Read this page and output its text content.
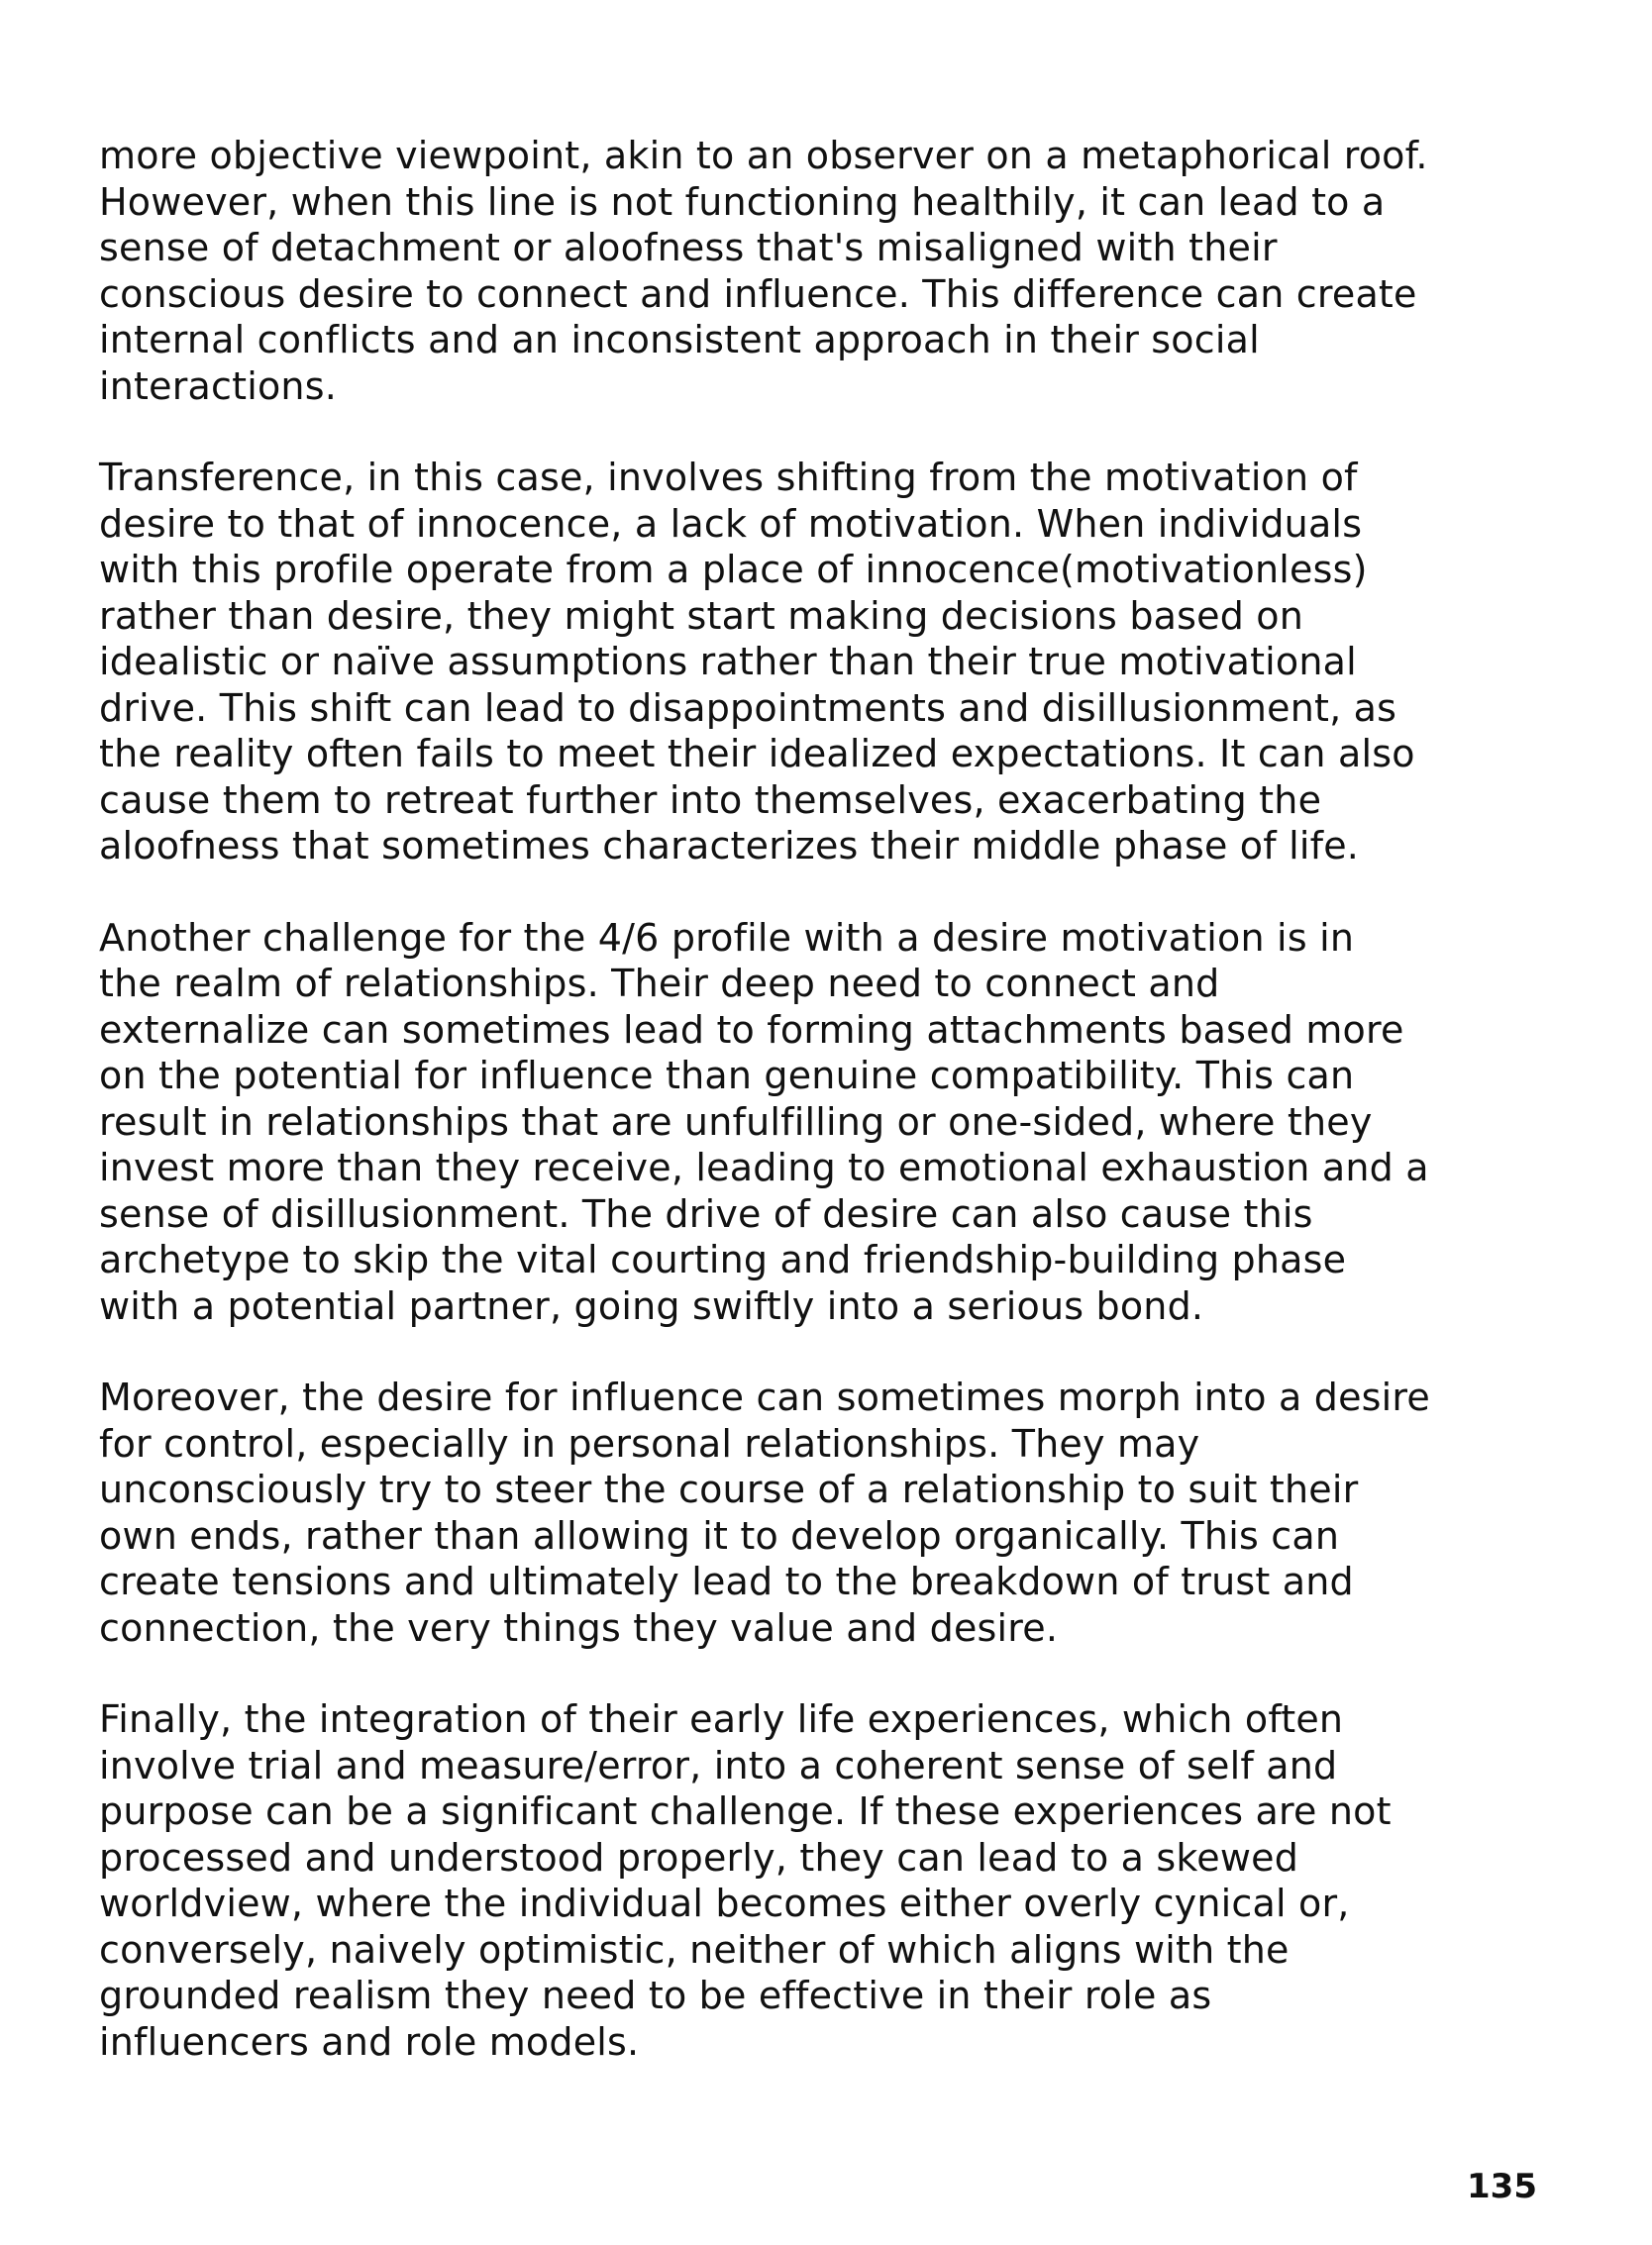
more objective viewpoint, akin to an observer on a metaphorical roof.
However, when this line is not functioning healthily, it can lead to a
sense of detachment or aloofness that's misaligned with their
conscious desire to connect and influence. This difference can create
internal conflicts and an inconsistent approach in their social
interactions.

Transference, in this case, involves shifting from the motivation of
desire to that of innocence, a lack of motivation. When individuals
with this profile operate from a place of innocence(motivationless)
rather than desire, they might start making decisions based on
idealistic or naïve assumptions rather than their true motivational
drive. This shift can lead to disappointments and disillusionment, as
the reality often fails to meet their idealized expectations. It can also
cause them to retreat further into themselves, exacerbating the
aloofness that sometimes characterizes their middle phase of life.

Another challenge for the 4/6 profile with a desire motivation is in
the realm of relationships. Their deep need to connect and
externalize can sometimes lead to forming attachments based more
on the potential for influence than genuine compatibility. This can
result in relationships that are unfulfilling or one-sided, where they
invest more than they receive, leading to emotional exhaustion and a
sense of disillusionment. The drive of desire can also cause this
archetype to skip the vital courting and friendship-building phase
with a potential partner, going swiftly into a serious bond.

Moreover, the desire for influence can sometimes morph into a desire
for control, especially in personal relationships. They may
unconsciously try to steer the course of a relationship to suit their
own ends, rather than allowing it to develop organically. This can
create tensions and ultimately lead to the breakdown of trust and
connection, the very things they value and desire.

Finally, the integration of their early life experiences, which often
involve trial and measure/error, into a coherent sense of self and
purpose can be a significant challenge. If these experiences are not
processed and understood properly, they can lead to a skewed
worldview, where the individual becomes either overly cynical or,
conversely, naively optimistic, neither of which aligns with the
grounded realism they need to be effective in their role as
influencers and role models.

135
